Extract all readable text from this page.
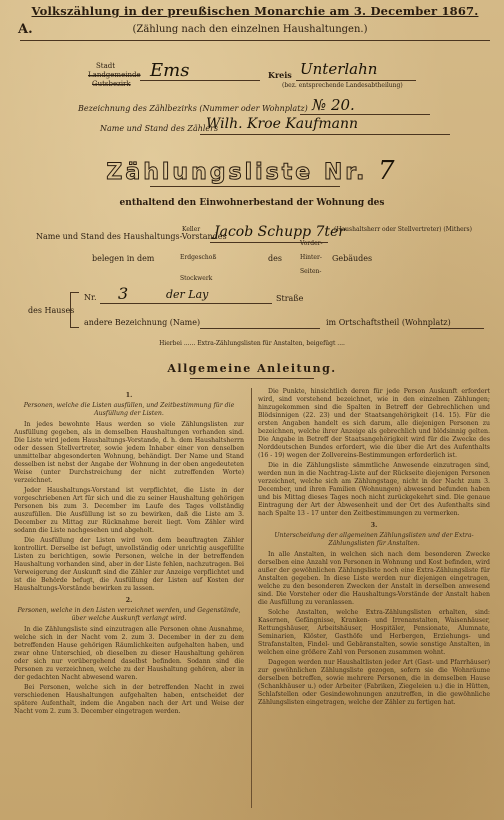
Volkszählung in der preußischen Monarchie am 3. December 1867.
A.	(Zählung nach den einzelnen Haushaltungen.)
Stadt
Landgemeinde
Gutsbezirk
Ems	Kreis Unterlahn
(bez. entsprechende Landesabtheilung)
Bezeichnung des Zählbezirks (Nummer oder Wohnplatz) № 20.
Name und Stand des Zählers
Wilh. Kroe Kaufmann
Zählungsliste Nr. 7
enthaltend den Einwohnerbestand der Wohnung des
Name und Stand des Haushaltungs-Vorstandes
Jacob Schupp 7ter
(Haushaltsherr oder Stellvertreter) (Mithers)
Keller
belegen in dem	Erdgeschoß
Stockwerk
des
Vorder-
Hinter-
Seiten-
Gebäudes
des Hauses
Nr. 3	der Lay	Straße
andere Bezeichnung (Name)	im Ortschaftstheil (Wohnplatz)
Hierbei ...... Extra-Zählungslisten für Anstalten, beigefügt ....
Allgemeine Anleitung.

1.

Personen, welche die Listen ausfüllen, und Zeitbestimmung für die Ausfüllung der Listen.

In jedes bewohnte Haus werden so viele Zählungslisten zur Ausfüllung gegeben, als in demselben Haushaltungen vorhanden sind. Die Liste wird jedem Haushaltungs-Vorstande, d. h. dem Haushaltsherrn oder dessen Stellvertreter, sowie jedem Inhaber einer von denselben unmittelbar abgesonderten Wohnung, behändigt. Der Name und Stand desselben ist nebst der Angabe der Wohnung in der oben angedeuteten Weise (unter Durchstreichung der nicht zutreffenden Worte) verzeichnet.

Jeder Haushaltungs-Vorstand ist verpflichtet, die Liste in der vorgeschriebenen Art für sich und die zu seiner Haushaltung gehörigen Personen bis zum 3. December im Laufe des Tages vollständig auszufüllen. Die Ausfüllung ist so zu bewirken, daß die Liste am 3. December zu Mittag zur Rücknahme bereit liegt. Vom Zähler wird sodann die Liste nachgesehen und abgeholt.

Die Ausfüllung der Listen wird von dem beauftragten Zähler kontrollirt. Derselbe ist befugt, unvollständig oder unrichtig ausgefüllte Listen zu berichtigen, sowie Personen, welche in der betreffenden Haushaltung vorhanden sind, aber in der Liste fehlen, nachzutragen. Bei Verweigerung der Auskunft sind die Zähler zur Anzeige verpflichtet und ist die Behörde befugt, die Ausfüllung der Listen auf Kosten der Haushaltungs-Vorstände bewirken zu lassen.

2.

Personen, welche in den Listen verzeichnet werden, und Gegenstände, über welche Auskunft verlangt wird.

In die Zählungsliste sind einzutragen alle Personen ohne Ausnahme, welche sich in der Nacht vom 2. zum 3. December in der zu dem betreffenden Hause gehörigen Räumlichkeiten aufgehalten haben, und zwar ohne Unterschied, ob dieselben zu dieser Haushaltung gehören oder sich nur vorübergehend daselbst befinden. Sodann sind die Personen zu verzeichnen, welche zu der Haushaltung gehören, aber in der gedachten Nacht abwesend waren.

Bei Personen, welche sich in der betreffenden Nacht in zwei verschiedenen Haushaltungen aufgehalten haben, entscheidet der spätere Aufenthalt, indem die Angaben nach der Art und Weise der Nacht vom 2. zum 3. December eingetragen werden.

Die Punkte, hinsichtlich deren für jede Person Auskunft erfordert wird, sind vorstehend bezeichnet, wie in den einzelnen Zählungen; hinzugekommen sind die Spalten in Betreff der Gebrechlichen und Blödsinnigen (22. 23) und der Staatsangehörigkeit (14. 15). Für die ersten Angaben handelt es sich darum, alle diejenigen Personen zu bezeichnen, welche ihrer Anzeige als gebrechlich und blödsinnig gelten. Die Angabe in Betreff der Staatsangehörigkeit wird für die Zwecke des Norddeutschen Bundes erfordert, wie die über die Art des Aufenthalts (16 - 19) wegen der Zollvereins-Bestimmungen erforderlich ist.

Die in die Zählungsliste sämmtliche Anwesende einzutragen sind, werden nun in die Nachtrag-Liste auf der Rückseite diejenigen Personen verzeichnet, welche sich am Zählungstage, nicht in der Nacht zum 3. December, und ihren Familien (Wohnungen) abwesend befunden haben und bis Mittag dieses Tages noch nicht zurückgekehrt sind. Die genaue Eintragung der Art der Abwesenheit und der Ort des Aufenthalts sind nach Spalte 13 - 17 unter den Zeitbestimmungen zu vermerken.

3.

Unterscheidung der allgemeinen Zählungslisten und der Extra-Zählungslisten für Anstalten.

In alle Anstalten, in welchen sich nach dem besonderen Zwecke derselben eine Anzahl von Personen in Wohnung und Kost befinden, wird außer der gewöhnlichen Zählungsliste noch eine Extra-Zählungsliste für Anstalten gegeben. In diese Liste werden nur diejenigen eingetragen, welche zu den besonderen Zwecken der Anstalt in derselben anwesend sind. Die Vorsteher oder die Haushaltungs-Vorstände der Anstalt haben die Ausfüllung zu veranlassen.

Solche Anstalten, welche Extra-Zählungslisten erhalten, sind: Kasernen, Gefängnisse, Kranken- und Irrenanstalten, Waisenhäuser, Rettungshäuser, Arbeitshäuser, Hospitäler, Pensionate, Alumnate, Seminarien, Klöster, Gasthöfe und Herbergen, Erziehungs- und Strafanstalten, Findel- und Gebäranstalten, sowie sonstige Anstalten, in welchen eine größere Zahl von Personen zusammen wohnt.

Dagegen werden nur Haushaltlisten jeder Art (Gast- und Pfarrhäuser) zur gewöhnlichen Zählungsliste gezogen, sofern sie die Wohnräume derselben betreffen, sowie mehrere Personen, die in demselben Hause (Schankhäuser u.) oder Arbeiter (Fabriken, Ziegeleien u.) die in Hütten, Schlafstellen oder Gesindewohnungen anzutreffen, in die gewöhnliche Zählungslisten eingetragen, welche der Zähler zu fertigen hat.
